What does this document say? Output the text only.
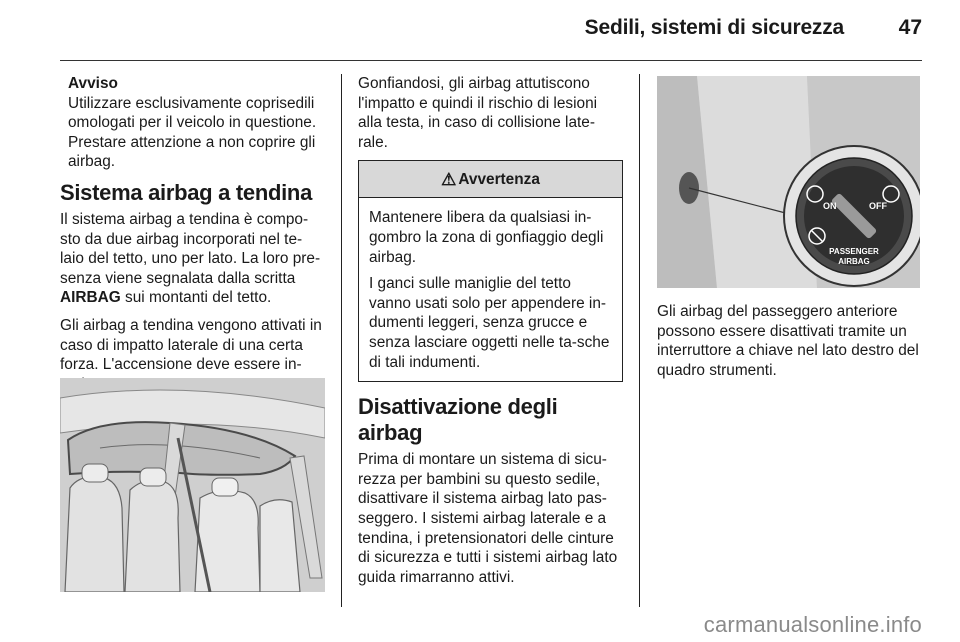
Sedili, sistemi di sicurezza	47
Avviso

Utilizzare esclusivamente coprisedili omologati per il veicolo in questione. Prestare attenzione a non coprire gli airbag.

Sistema airbag a tendina

Il sistema airbag a tendina è compo-sto da due airbag incorporati nel te-laio del tetto, uno per lato. La loro pre-senza viene segnalata dalla scritta AIRBAG sui montanti del tetto.

Gli airbag a tendina vengono attivati in caso di impatto laterale di una certa forza. L'accensione deve essere in-

Gonfiandosi, gli airbag attutiscono l'impatto e quindi il rischio di lesioni alla testa, in caso di collisione late-rale.

⚠ Avvertenza

Mantenere libera da qualsiasi in-gombro la zona di gonfiaggio degli airbag.

I ganci sulle maniglie del tetto vanno usati solo per appendere in-dumenti leggeri, senza grucce e senza lasciare oggetti nelle ta-sche di tali indumenti.

Disattivazione degli airbag

Prima di montare un sistema di sicu-rezza per bambini su questo sedile, disattivare il sistema airbag lato pas-seggero. I sistemi airbag laterale e a tendina, i pretensionatori delle cinture di sicurezza e tutti i sistemi airbag lato guida rimarranno attivi.

ON	OFF
PASSENGER
AIRBAG
Gli airbag del passeggero anteriore possono essere disattivati tramite un interruttore a chiave nel lato destro del quadro strumenti.
carmanualsonline.info
